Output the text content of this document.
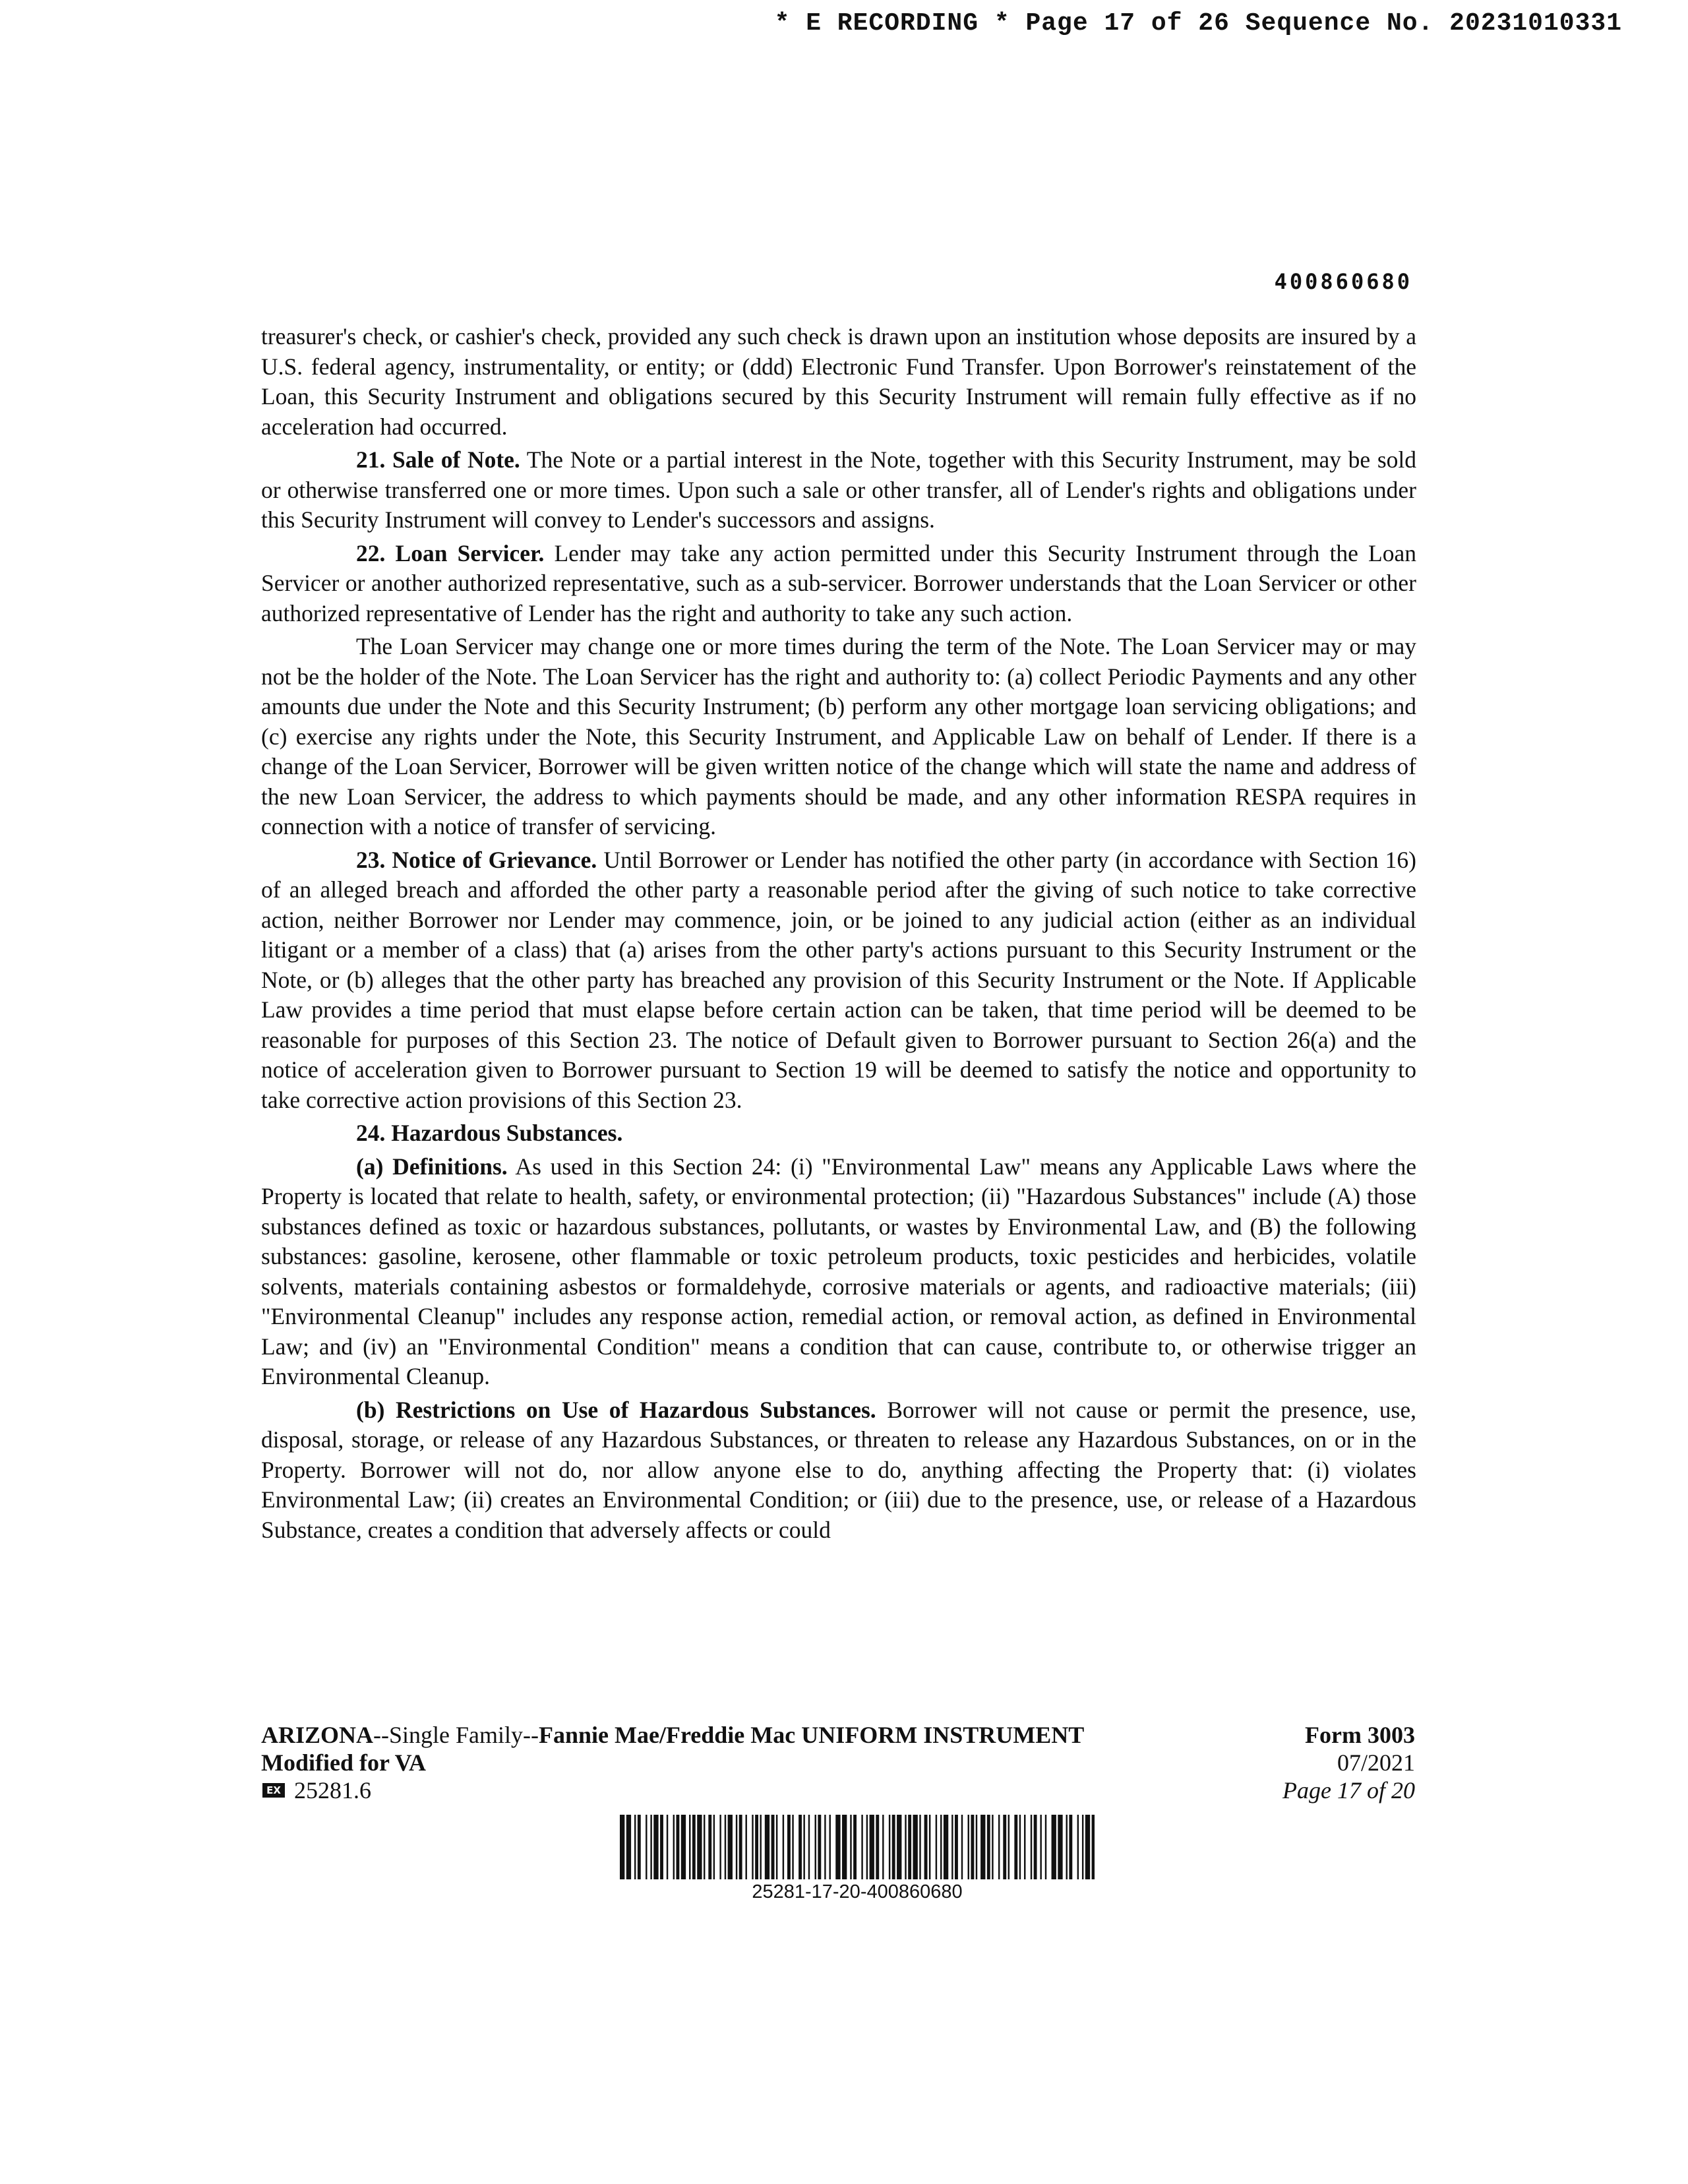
* E RECORDING * Page 17 of 26 Sequence No. 20231010331
400860680

treasurer's check, or cashier's check, provided any such check is drawn upon an institution whose deposits are insured by a U.S. federal agency, instrumentality, or entity; or (ddd) Electronic Fund Transfer. Upon Borrower's reinstatement of the Loan, this Security Instrument and obligations secured by this Security Instrument will remain fully effective as if no acceleration had occurred.

21. Sale of Note. The Note or a partial interest in the Note, together with this Security Instrument, may be sold or otherwise transferred one or more times. Upon such a sale or other transfer, all of Lender's rights and obligations under this Security Instrument will convey to Lender's successors and assigns.

22. Loan Servicer. Lender may take any action permitted under this Security Instrument through the Loan Servicer or another authorized representative, such as a sub-servicer. Borrower understands that the Loan Servicer or other authorized representative of Lender has the right and authority to take any such action.

The Loan Servicer may change one or more times during the term of the Note. The Loan Servicer may or may not be the holder of the Note. The Loan Servicer has the right and authority to: (a) collect Periodic Payments and any other amounts due under the Note and this Security Instrument; (b) perform any other mortgage loan servicing obligations; and (c) exercise any rights under the Note, this Security Instrument, and Applicable Law on behalf of Lender. If there is a change of the Loan Servicer, Borrower will be given written notice of the change which will state the name and address of the new Loan Servicer, the address to which payments should be made, and any other information RESPA requires in connection with a notice of transfer of servicing.

23. Notice of Grievance. Until Borrower or Lender has notified the other party (in accordance with Section 16) of an alleged breach and afforded the other party a reasonable period after the giving of such notice to take corrective action, neither Borrower nor Lender may commence, join, or be joined to any judicial action (either as an individual litigant or a member of a class) that (a) arises from the other party's actions pursuant to this Security Instrument or the Note, or (b) alleges that the other party has breached any provision of this Security Instrument or the Note. If Applicable Law provides a time period that must elapse before certain action can be taken, that time period will be deemed to be reasonable for purposes of this Section 23. The notice of Default given to Borrower pursuant to Section 26(a) and the notice of acceleration given to Borrower pursuant to Section 19 will be deemed to satisfy the notice and opportunity to take corrective action provisions of this Section 23.

24. Hazardous Substances.

(a) Definitions. As used in this Section 24: (i) "Environmental Law" means any Applicable Laws where the Property is located that relate to health, safety, or environmental protection; (ii) "Hazardous Substances" include (A) those substances defined as toxic or hazardous substances, pollutants, or wastes by Environmental Law, and (B) the following substances: gasoline, kerosene, other flammable or toxic petroleum products, toxic pesticides and herbicides, volatile solvents, materials containing asbestos or formaldehyde, corrosive materials or agents, and radioactive materials; (iii) "Environmental Cleanup" includes any response action, remedial action, or removal action, as defined in Environmental Law; and (iv) an "Environmental Condition" means a condition that can cause, contribute to, or otherwise trigger an Environmental Cleanup.

(b) Restrictions on Use of Hazardous Substances. Borrower will not cause or permit the presence, use, disposal, storage, or release of any Hazardous Substances, or threaten to release any Hazardous Substances, on or in the Property. Borrower will not do, nor allow anyone else to do, anything affecting the Property that: (i) violates Environmental Law; (ii) creates an Environmental Condition; or (iii) due to the presence, use, or release of a Hazardous Substance, creates a condition that adversely affects or could

ARIZONA--Single Family--Fannie Mae/Freddie Mac UNIFORM INSTRUMENT
Modified for VA
EX 25281.6
Form 3003
07/2021
Page 17 of 20
25281-17-20-400860680
